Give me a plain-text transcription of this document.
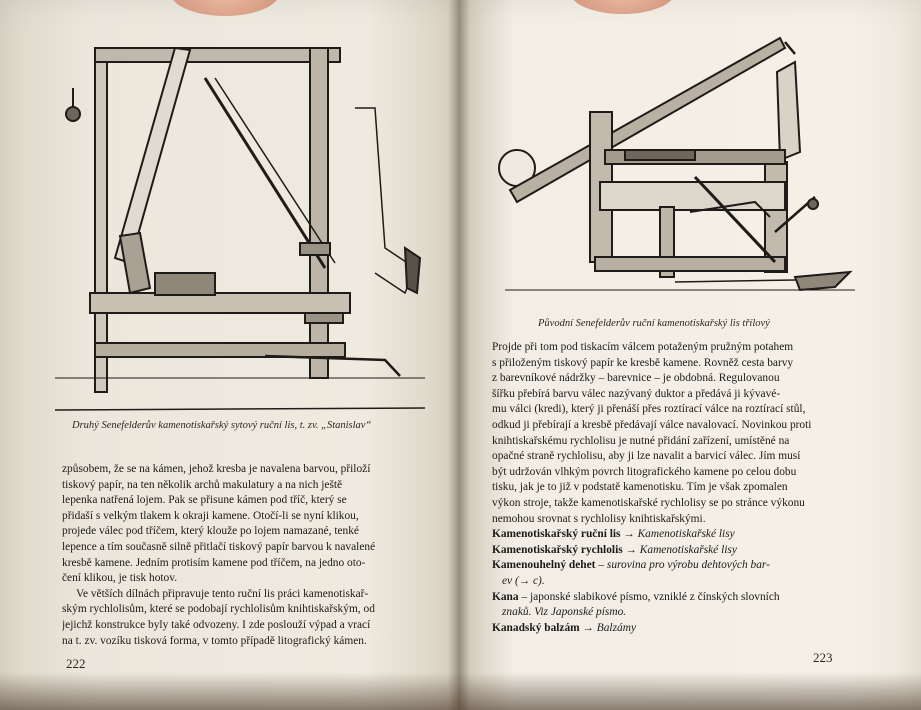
Druhý Senefelderův kamenotiskařský sytový ruční lis, t. zv. „Stanislav“

způsobem, že se na kámen, jehož kresba je navalena barvou, přiloží

tiskový papír, na ten několik archů makulatury a na nich ještě

lepenka natřená lojem. Pak se přisune kámen pod tříč, který se

přidaší s velkým tlakem k okraji kamene. Otočí-li se nyní klikou,

projede válec pod tříčem, který klouže po lojem namazané, tenké

lepence a tím současně silně přitlačí tiskový papír barvou k navalené

kresbě kamene. Jedním protisím kamene pod tříčem, na jedno oto-

čení klikou, je tisk hotov.

Ve větších dílnách připravuje tento ruční lis práci kamenotiskař-

ským rychlolisům, které se podobají rychlolisům knihtiskařským, od

jejichž konstrukce byly také odvozeny. I zde poslouží výpad a vrací

na t. zv. vozíku tisková forma, v tomto případě litografický kámen.

222
Původní Senefelderův ruční kamenotiskařský lis třílový

Projde při tom pod tiskacím válcem potaženým pružným potahem

s přiloženým tiskový papír ke kresbě kamene. Rovněž cesta barvy

z barevníkové nádržky – barevnice – je obdobná. Regulovanou

šířku přebírá barvu válec nazývaný duktor a předává ji kývavé-

mu válci (kredi), který ji přenáší přes roztírací válce na roztírací stůl,

odkud ji přebírají a kresbě předávají válce navalovací. Novinkou proti

knihtiskařskému rychlolisu je nutné přidání zařízení, umístěné na

opačné straně rychlolisu, aby ji lze navalit a barvicí válec. Jím musí

být udržován vlhkým povrch litografického kamene po celou dobu

tisku, jak je to již v podstatě kamenotisku. Tím je však zpomalen

výkon stroje, takže kamenotiskařské rychlolisy se po stránce výkonu

nemohou srovnat s rychlolisy knihtiskařskými.

Kamenotiskařský ruční lis → Kamenotiskařské lisy

Kamenotiskařský rychlolis → Kamenotiskařské lisy

Kamenouhelný dehet – surovina pro výrobu dehtových bar-

ev (→ c).

Kana – japonské slabikové písmo, vzniklé z čínských slovních

znaků. Viz Japonské písmo.

Kanadský balzám → Balzámy

223
